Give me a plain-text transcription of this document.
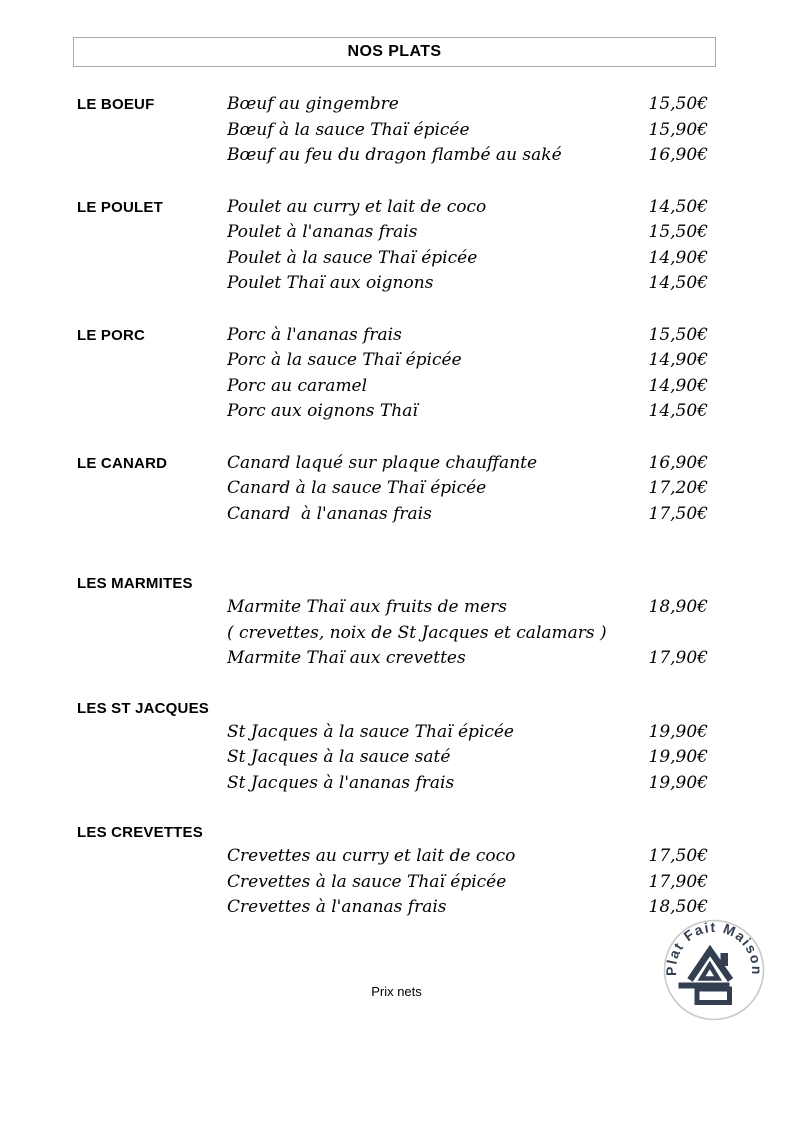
NOS PLATS
LE BOEUF	Bœuf au gingembre	15,50€
Bœuf à la sauce Thaï épicée	15,90€
Bœuf au feu du dragon flambé au saké	16,90€
LE POULET	Poulet au curry et lait de coco	14,50€
Poulet à l'ananas frais	15,50€
Poulet à la sauce Thaï épicée	14,90€
Poulet Thaï aux oignons	14,50€
LE PORC	Porc à l'ananas frais	15,50€
Porc à la sauce Thaï épicée	14,90€
Porc au caramel	14,90€
Porc aux oignons Thaï	14,50€
LE CANARD	Canard laqué sur plaque chauffante	16,90€
Canard à la sauce Thaï épicée	17,20€
Canard  à l'ananas frais	17,50€
LES MARMITES
Marmite Thaï aux fruits de mers	18,90€
( crevettes, noix de St Jacques et calamars )
Marmite Thaï aux crevettes	17,90€
LES ST JACQUES
St Jacques à la sauce Thaï épicée	19,90€
St Jacques à la sauce saté	19,90€
St Jacques à l'ananas frais	19,90€
LES CREVETTES
Crevettes au curry et lait de coco	17,50€
Crevettes à la sauce Thaï épicée	17,90€
Crevettes à l'ananas frais	18,50€
Prix nets
Plat Fait Maison
